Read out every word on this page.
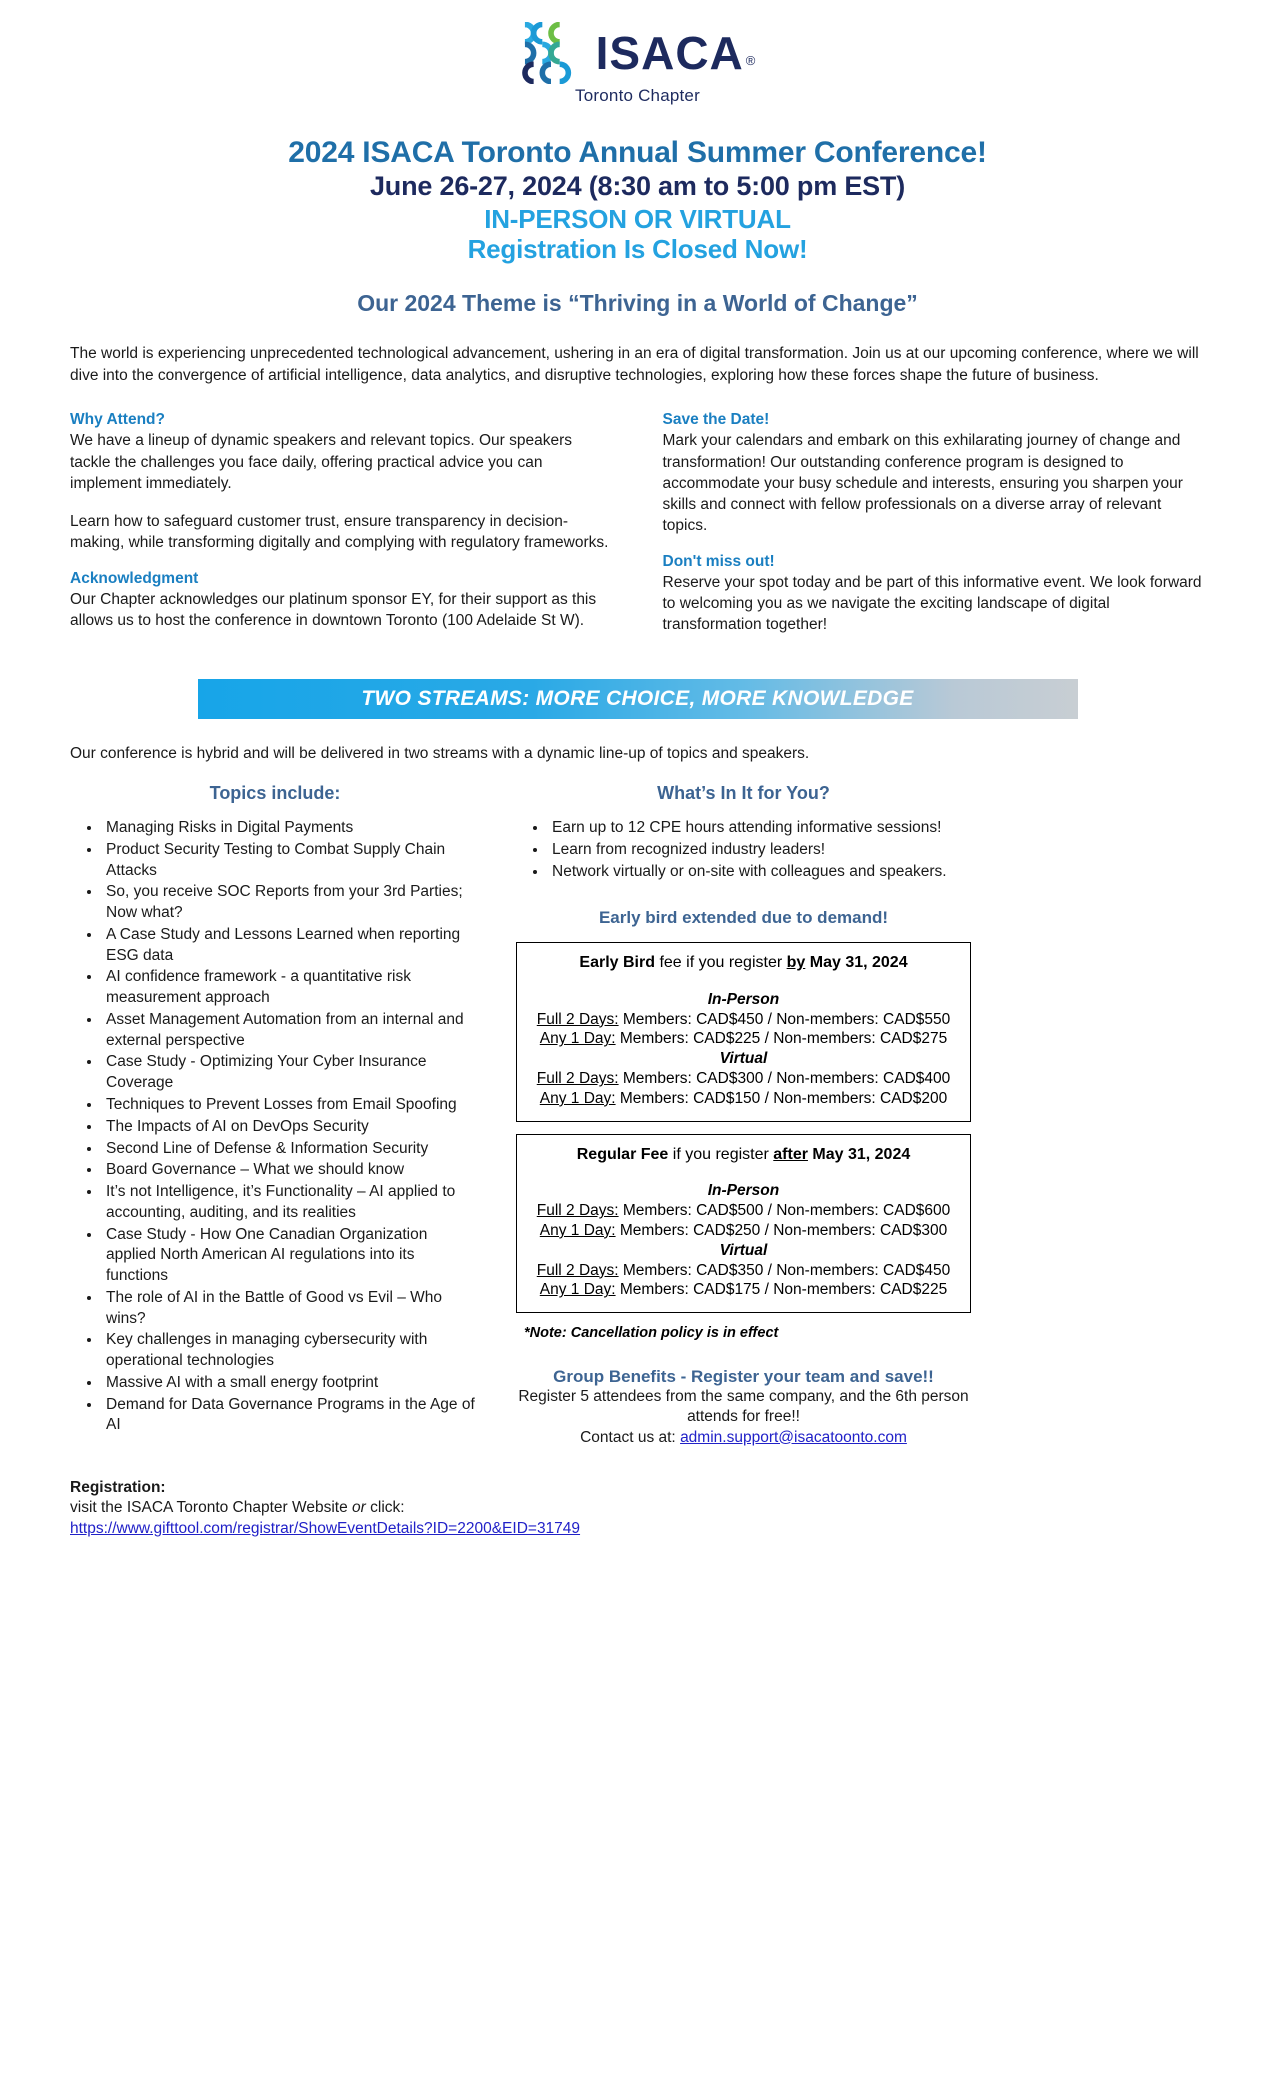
ISACA ®
Toronto Chapter
2024 ISACA Toronto Annual Summer Conference!
June 26-27, 2024 (8:30 am to 5:00 pm EST)
IN-PERSON OR VIRTUAL
Registration Is Closed Now!
Our 2024 Theme is “Thriving in a World of Change”
The world is experiencing unprecedented technological advancement, ushering in an era of digital transformation. Join us at our upcoming conference, where we will dive into the convergence of artificial intelligence, data analytics, and disruptive technologies, exploring how these forces shape the future of business.
Why Attend?
We have a lineup of dynamic speakers and relevant topics. Our speakers tackle the challenges you face daily, offering practical advice you can implement immediately.
Learn how to safeguard customer trust, ensure transparency in decision-making, while transforming digitally and complying with regulatory frameworks.
Acknowledgment
Our Chapter acknowledges our platinum sponsor EY, for their support as this allows us to host the conference in downtown Toronto (100 Adelaide St W).
Save the Date!
Mark your calendars and embark on this exhilarating journey of change and transformation! Our outstanding conference program is designed to accommodate your busy schedule and interests, ensuring you sharpen your skills and connect with fellow professionals on a diverse array of relevant topics.
Don't miss out!
Reserve your spot today and be part of this informative event. We look forward to welcoming you as we navigate the exciting landscape of digital transformation together!
TWO STREAMS: MORE CHOICE, MORE KNOWLEDGE
Our conference is hybrid and will be delivered in two streams with a dynamic line-up of topics and speakers.
Topics include:
• Managing Risks in Digital Payments
• Product Security Testing to Combat Supply Chain Attacks
• So, you receive SOC Reports from your 3rd Parties; Now what?
• A Case Study and Lessons Learned when reporting ESG data
• AI confidence framework - a quantitative risk measurement approach
• Asset Management Automation from an internal and external perspective
• Case Study - Optimizing Your Cyber Insurance Coverage
• Techniques to Prevent Losses from Email Spoofing
• The Impacts of AI on DevOps Security
• Second Line of Defense & Information Security
• Board Governance – What we should know
• It’s not Intelligence, it’s Functionality – AI applied to accounting, auditing, and its realities
• Case Study - How One Canadian Organization applied North American AI regulations into its functions
• The role of AI in the Battle of Good vs Evil – Who wins?
• Key challenges in managing cybersecurity with operational technologies
• Massive AI with a small energy footprint
• Demand for Data Governance Programs in the Age of AI
What’s In It for You?
• Earn up to 12 CPE hours attending informative sessions!
• Learn from recognized industry leaders!
• Network virtually or on-site with colleagues and speakers.
Early bird extended due to demand!
Early Bird fee if you register by May 31, 2024
In-Person
Full 2 Days: Members: CAD$450 / Non-members: CAD$550
Any 1 Day: Members: CAD$225 / Non-members: CAD$275
Virtual
Full 2 Days: Members: CAD$300 / Non-members: CAD$400
Any 1 Day: Members: CAD$150 / Non-members: CAD$200
Regular Fee if you register after May 31, 2024
In-Person
Full 2 Days: Members: CAD$500 / Non-members: CAD$600
Any 1 Day: Members: CAD$250 / Non-members: CAD$300
Virtual
Full 2 Days: Members: CAD$350 / Non-members: CAD$450
Any 1 Day: Members: CAD$175 / Non-members: CAD$225
*Note: Cancellation policy is in effect
Group Benefits - Register your team and save!!
Register 5 attendees from the same company, and the 6th person attends for free!!
Contact us at: admin.support@isacatoonto.com
Registration:
visit the ISACA Toronto Chapter Website or click:
https://www.gifttool.com/registrar/ShowEventDetails?ID=2200&EID=31749
